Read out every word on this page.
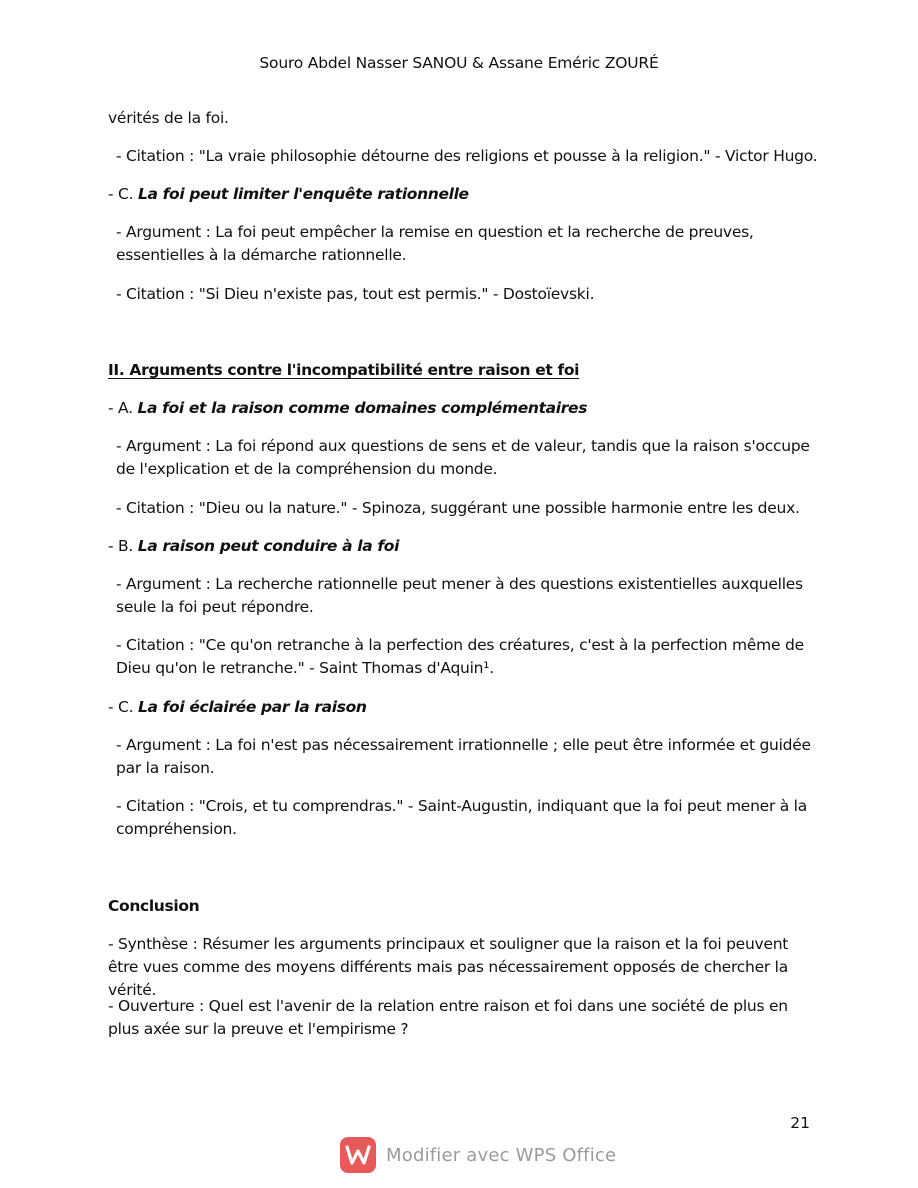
Souro Abdel Nasser SANOU & Assane Eméric ZOURÉ
vérités de la foi.
- Citation : "La vraie philosophie détourne des religions et pousse à la religion." - Victor Hugo.
- C. La foi peut limiter l'enquête rationnelle
- Argument : La foi peut empêcher la remise en question et la recherche de preuves, essentielles à la démarche rationnelle.
- Citation : "Si Dieu n'existe pas, tout est permis." - Dostoïevski.
II. Arguments contre l'incompatibilité entre raison et foi
- A. La foi et la raison comme domaines complémentaires
- Argument : La foi répond aux questions de sens et de valeur, tandis que la raison s'occupe de l'explication et de la compréhension du monde.
- Citation : "Dieu ou la nature." - Spinoza, suggérant une possible harmonie entre les deux.
- B. La raison peut conduire à la foi
- Argument : La recherche rationnelle peut mener à des questions existentielles auxquelles seule la foi peut répondre.
- Citation : "Ce qu'on retranche à la perfection des créatures, c'est à la perfection même de Dieu qu'on le retranche." - Saint Thomas d'Aquin¹.
- C. La foi éclairée par la raison
- Argument : La foi n'est pas nécessairement irrationnelle ; elle peut être informée et guidée par la raison.
- Citation : "Crois, et tu comprendras." - Saint-Augustin, indiquant que la foi peut mener à la compréhension.
Conclusion
- Synthèse : Résumer les arguments principaux et souligner que la raison et la foi peuvent être vues comme des moyens différents mais pas nécessairement opposés de chercher la vérité.
- Ouverture : Quel est l'avenir de la relation entre raison et foi dans une société de plus en plus axée sur la preuve et l'empirisme ?
21
Modifier avec WPS Office
